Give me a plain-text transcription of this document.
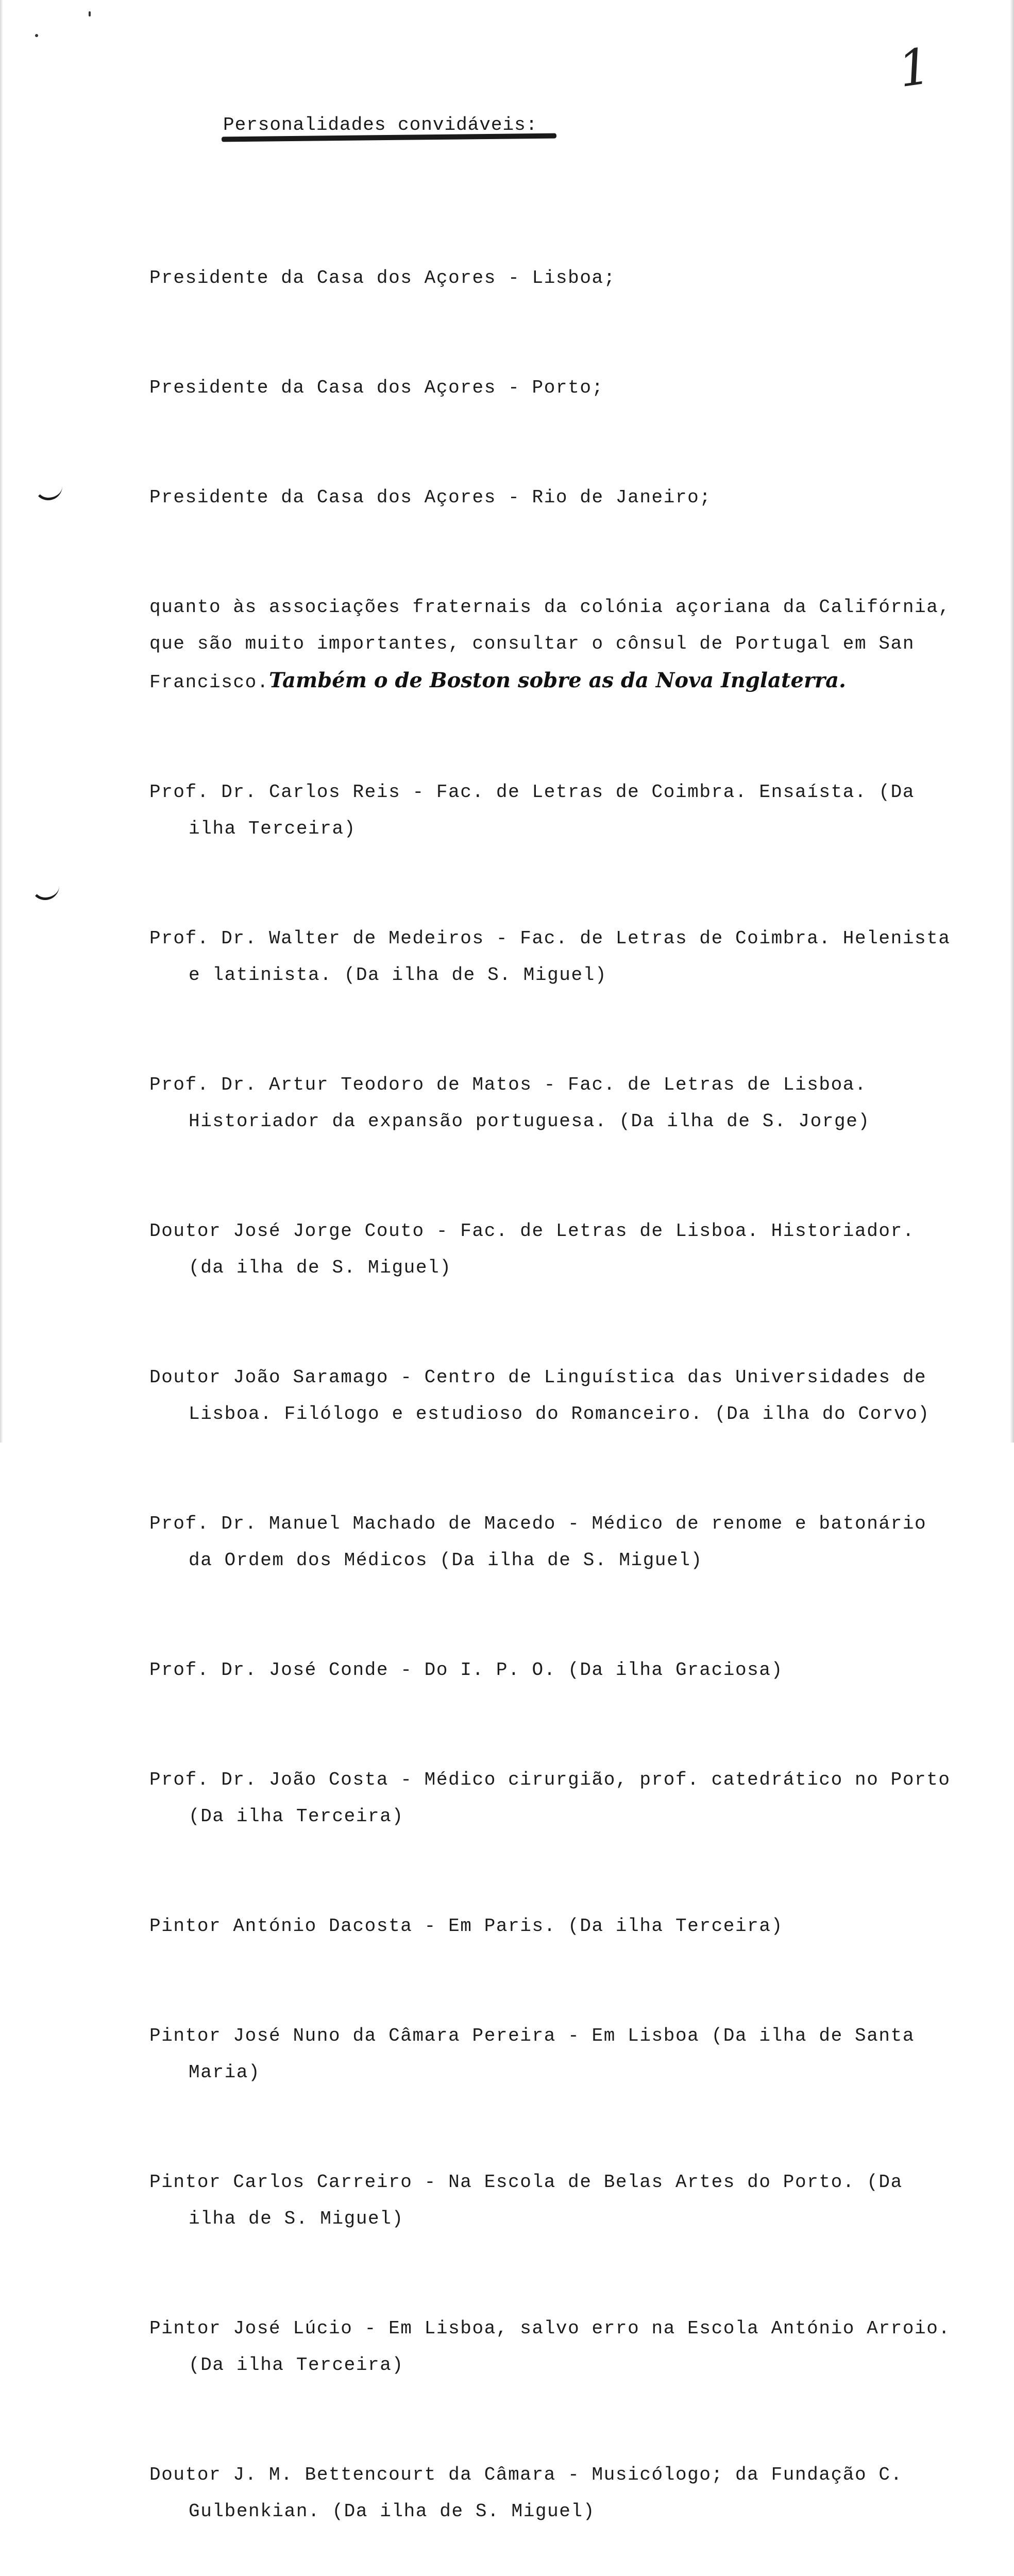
1
Personalidades convidáveis:

Presidente da Casa dos Açores - Lisboa;

Presidente da Casa dos Açores - Porto;

Presidente da Casa dos Açores - Rio de Janeiro;

quanto às associações fraternais da colónia açoriana da Califórnia, que são muito importantes, consultar o cônsul de Portugal em San Francisco.Também o de Boston sobre as da Nova Inglaterra.

Prof. Dr. Carlos Reis - Fac. de Letras de Coimbra. Ensaísta. (Da ilha Terceira)

Prof. Dr. Walter de Medeiros - Fac. de Letras de Coimbra. Helenista e latinista. (Da ilha de S. Miguel)

Prof. Dr. Artur Teodoro de Matos - Fac. de Letras de Lisboa. Historiador da expansão portuguesa. (Da ilha de S. Jorge)

Doutor José Jorge Couto - Fac. de Letras de Lisboa. Historiador. (da ilha de S. Miguel)

Doutor João Saramago - Centro de Linguística das Universidades de Lisboa. Filólogo e estudioso do Romanceiro. (Da ilha do Corvo)

Prof. Dr. Manuel Machado de Macedo - Médico de renome e batonário da Ordem dos Médicos (Da ilha de S. Miguel)

Prof. Dr. José Conde - Do I. P. O. (Da ilha Graciosa)

Prof. Dr. João Costa - Médico cirurgião, prof. catedrático no Porto (Da ilha Terceira)

Pintor António Dacosta - Em Paris. (Da ilha Terceira)

Pintor José Nuno da Câmara Pereira - Em Lisboa (Da ilha de Santa Maria)

Pintor Carlos Carreiro - Na Escola de Belas Artes do Porto. (Da ilha de S. Miguel)

Pintor José Lúcio - Em Lisboa, salvo erro na Escola António Arroio. (Da ilha Terceira)

Doutor J. M. Bettencourt da Câmara - Musicólogo; da Fundação C. Gulbenkian. (Da ilha de S. Miguel)
